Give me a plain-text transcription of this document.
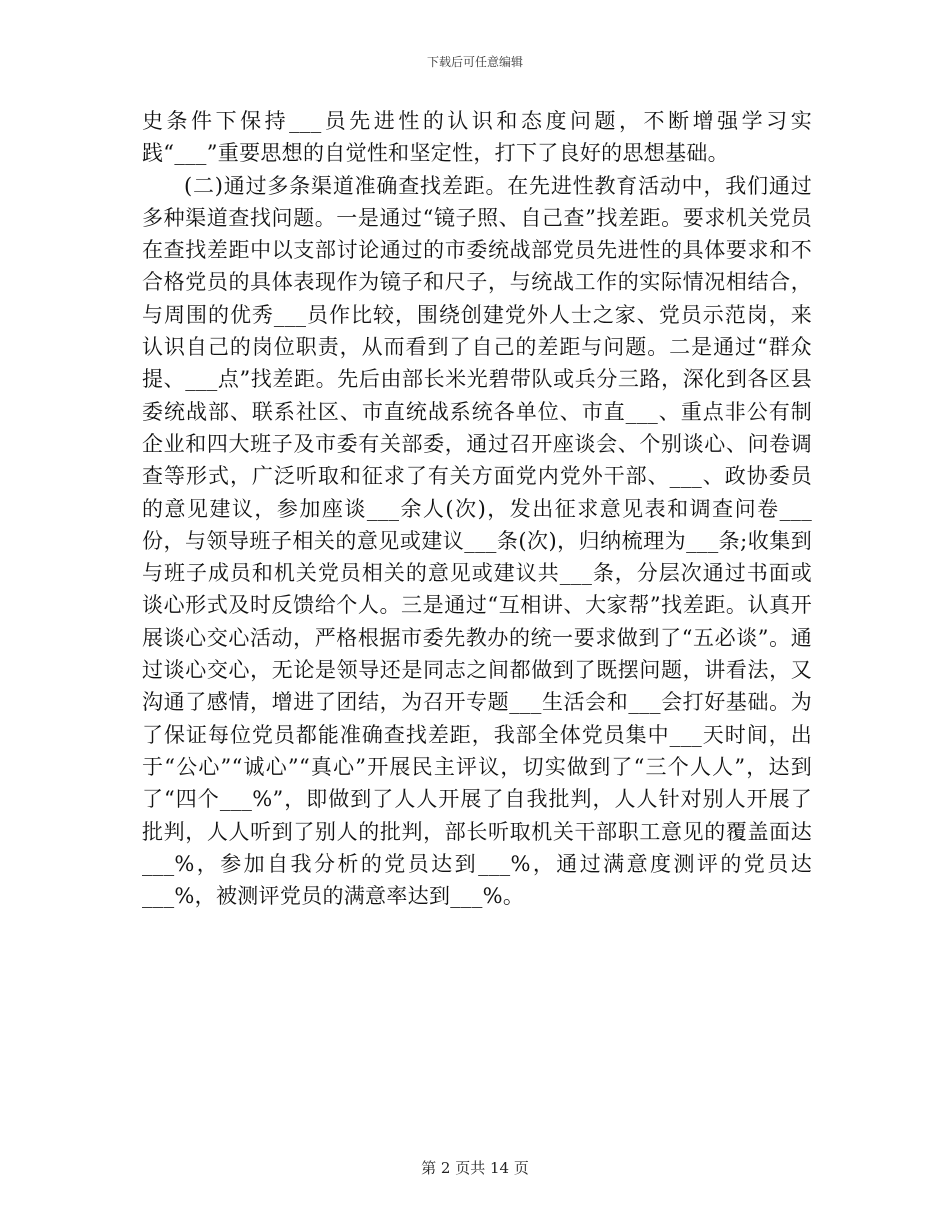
下载后可任意编辑

史条件下保持___员先进性的认识和态度问题，不断增强学习实践“___”重要思想的自觉性和坚定性，打下了良好的思想基础。

(二)通过多条渠道准确查找差距。在先进性教育活动中，我们通过多种渠道查找问题。一是通过“镜子照、自己查”找差距。要求机关党员在查找差距中以支部讨论通过的市委统战部党员先进性的具体要求和不合格党员的具体表现作为镜子和尺子，与统战工作的实际情况相结合，与周围的优秀___员作比较，围绕创建党外人士之家、党员示范岗，来认识自己的岗位职责，从而看到了自己的差距与问题。二是通过“群众提、___点”找差距。先后由部长米光碧带队或兵分三路，深化到各区县委统战部、联系社区、市直统战系统各单位、市直___、重点非公有制企业和四大班子及市委有关部委，通过召开座谈会、个别谈心、问卷调查等形式，广泛听取和征求了有关方面党内党外干部、___、政协委员的意见建议，参加座谈___余人(次)，发出征求意见表和调查问卷___份，与领导班子相关的意见或建议___条(次)，归纳梳理为___条;收集到与班子成员和机关党员相关的意见或建议共___条，分层次通过书面或谈心形式及时反馈给个人。三是通过“互相讲、大家帮”找差距。认真开展谈心交心活动，严格根据市委先教办的统一要求做到了“五必谈”。通过谈心交心，无论是领导还是同志之间都做到了既摆问题，讲看法，又沟通了感情，增进了团结，为召开专题___生活会和___会打好基础。为了保证每位党员都能准确查找差距，我部全体党员集中___天时间，出于“公心”“诚心”“真心”开展民主评议，切实做到了“三个人人”，达到了“四个___%”，即做到了人人开展了自我批判，人人针对别人开展了批判，人人听到了别人的批判，部长听取机关干部职工意见的覆盖面达___%，参加自我分析的党员达到___%，通过满意度测评的党员达___%，被测评党员的满意率达到___%。

第 2 页共 14 页
